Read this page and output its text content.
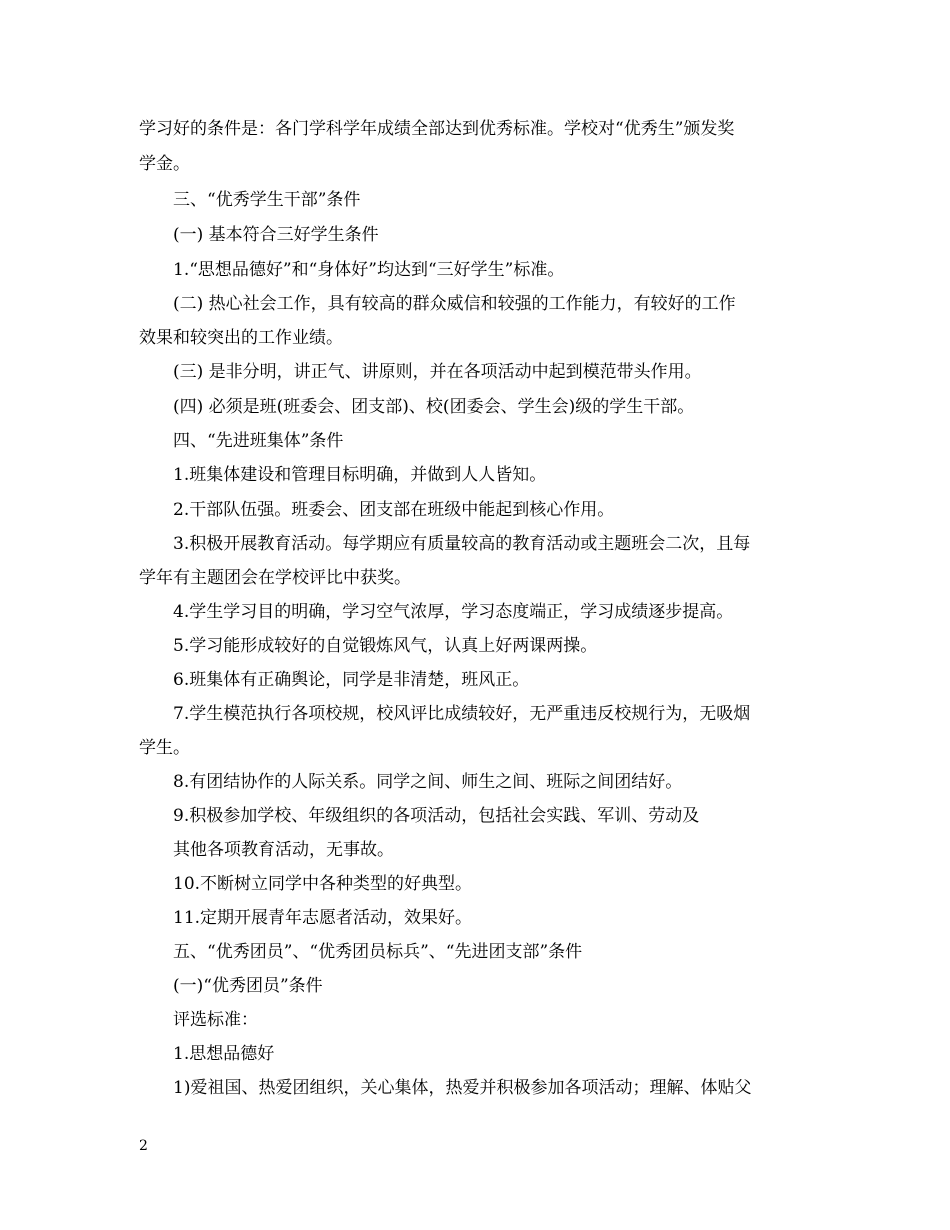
学习好的条件是：各门学科学年成绩全部达到优秀标准。学校对“优秀生”颁发奖
学金。
三、“优秀学生干部”条件
(一) 基本符合三好学生条件
1.“思想品德好”和“身体好”均达到“三好学生”标准。
(二) 热心社会工作，具有较高的群众威信和较强的工作能力，有较好的工作
效果和较突出的工作业绩。
(三) 是非分明，讲正气、讲原则，并在各项活动中起到模范带头作用。
(四) 必须是班(班委会、团支部)、校(团委会、学生会)级的学生干部。
四、“先进班集体”条件
1.班集体建设和管理目标明确，并做到人人皆知。
2.干部队伍强。班委会、团支部在班级中能起到核心作用。
3.积极开展教育活动。每学期应有质量较高的教育活动或主题班会二次，且每
学年有主题团会在学校评比中获奖。
4.学生学习目的明确，学习空气浓厚，学习态度端正，学习成绩逐步提高。
5.学习能形成较好的自觉锻炼风气，认真上好两课两操。
6.班集体有正确舆论，同学是非清楚，班风正。
7.学生模范执行各项校规，校风评比成绩较好，无严重违反校规行为，无吸烟
学生。
8.有团结协作的人际关系。同学之间、师生之间、班际之间团结好。
9.积极参加学校、年级组织的各项活动，包括社会实践、军训、劳动及
其他各项教育活动，无事故。
10.不断树立同学中各种类型的好典型。
11.定期开展青年志愿者活动，效果好。
五、“优秀团员”、“优秀团员标兵”、“先进团支部”条件
(一)“优秀团员”条件
评选标准：
1.思想品德好
1)爱祖国、热爱团组织，关心集体，热爱并积极参加各项活动；理解、体贴父
2
